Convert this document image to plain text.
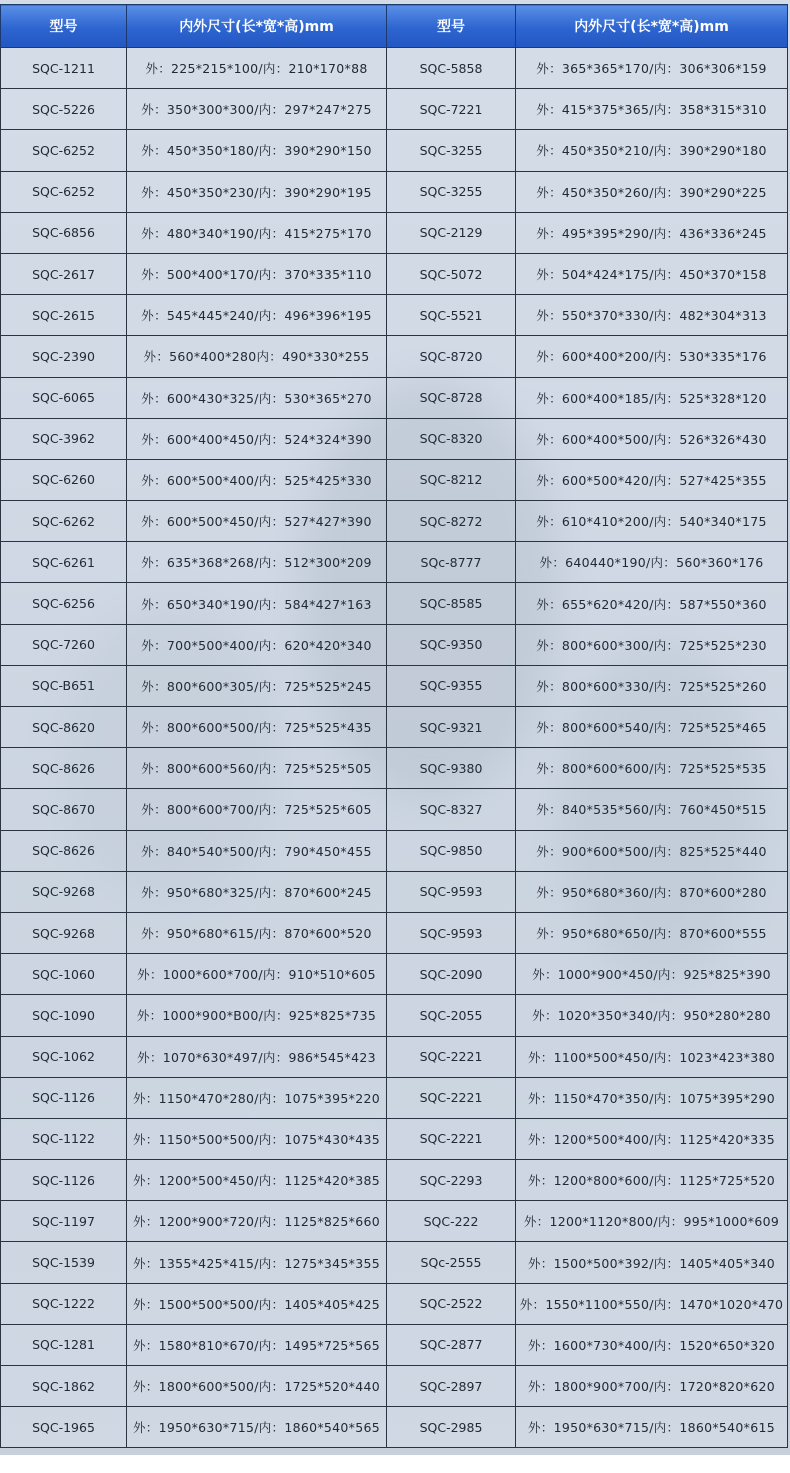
型号	内外尺寸(长*宽*高)mm	型号	内外尺寸(长*宽*高)mm
SQC-1211	外：225*215*100/内：210*170*88	SQC-5858	外：365*365*170/内：306*306*159
SQC-5226	外：350*300*300/内：297*247*275	SQC-7221	外：415*375*365/内：358*315*310
SQC-6252	外：450*350*180/内：390*290*150	SQC-3255	外：450*350*210/内：390*290*180
SQC-6252	外：450*350*230/内：390*290*195	SQC-3255	外：450*350*260/内：390*290*225
SQC-6856	外：480*340*190/内：415*275*170	SQC-2129	外：495*395*290/内：436*336*245
SQC-2617	外：500*400*170/内：370*335*110	SQC-5072	外：504*424*175/内：450*370*158
SQC-2615	外：545*445*240/内：496*396*195	SQC-5521	外：550*370*330/内：482*304*313
SQC-2390	外：560*400*280内：490*330*255	SQC-8720	外：600*400*200/内：530*335*176
SQC-6065	外：600*430*325/内：530*365*270	SQC-8728	外：600*400*185/内：525*328*120
SQC-3962	外：600*400*450/内：524*324*390	SQC-8320	外：600*400*500/内：526*326*430
SQC-6260	外：600*500*400/内：525*425*330	SQC-8212	外：600*500*420/内：527*425*355
SQC-6262	外：600*500*450/内：527*427*390	SQC-8272	外：610*410*200/内：540*340*175
SQC-6261	外：635*368*268/内：512*300*209	SQc-8777	外：640440*190/内：560*360*176
SQC-6256	外：650*340*190/内：584*427*163	SQC-8585	外：655*620*420/内：587*550*360
SQC-7260	外：700*500*400/内：620*420*340	SQC-9350	外：800*600*300/内：725*525*230
SQC-B651	外：800*600*305/内：725*525*245	SQC-9355	外：800*600*330/内：725*525*260
SQC-8620	外：800*600*500/内：725*525*435	SQC-9321	外：800*600*540/内：725*525*465
SQC-8626	外：800*600*560/内：725*525*505	SQC-9380	外：800*600*600/内：725*525*535
SQC-8670	外：800*600*700/内：725*525*605	SQC-8327	外：840*535*560/内：760*450*515
SQC-8626	外：840*540*500/内：790*450*455	SQC-9850	外：900*600*500/内：825*525*440
SQC-9268	外：950*680*325/内：870*600*245	SQC-9593	外：950*680*360/内：870*600*280
SQC-9268	外：950*680*615/内：870*600*520	SQC-9593	外：950*680*650/内：870*600*555
SQC-1060	外：1000*600*700/内：910*510*605	SQC-2090	外：1000*900*450/内：925*825*390
SQC-1090	外：1000*900*B00/内：925*825*735	SQC-2055	外：1020*350*340/内：950*280*280
SQC-1062	外：1070*630*497/内：986*545*423	SQC-2221	外：1100*500*450/内：1023*423*380
SQC-1126	外：1150*470*280/内：1075*395*220	SQC-2221	外：1150*470*350/内：1075*395*290
SQC-1122	外：1150*500*500/内：1075*430*435	SQC-2221	外：1200*500*400/内：1125*420*335
SQC-1126	外：1200*500*450/内：1125*420*385	SQC-2293	外：1200*800*600/内：1125*725*520
SQC-1197	外：1200*900*720/内：1125*825*660	SQC-222	外：1200*1120*800/内：995*1000*609
SQC-1539	外：1355*425*415/内：1275*345*355	SQc-2555	外：1500*500*392/内：1405*405*340
SQC-1222	外：1500*500*500/内：1405*405*425	SQC-2522	外：1550*1100*550/内：1470*1020*470
SQC-1281	外：1580*810*670/内：1495*725*565	SQC-2877	外：1600*730*400/内：1520*650*320
SQC-1862	外：1800*600*500/内：1725*520*440	SQC-2897	外：1800*900*700/内：1720*820*620
SQC-1965	外：1950*630*715/内：1860*540*565	SQC-2985	外：1950*630*715/内：1860*540*615
